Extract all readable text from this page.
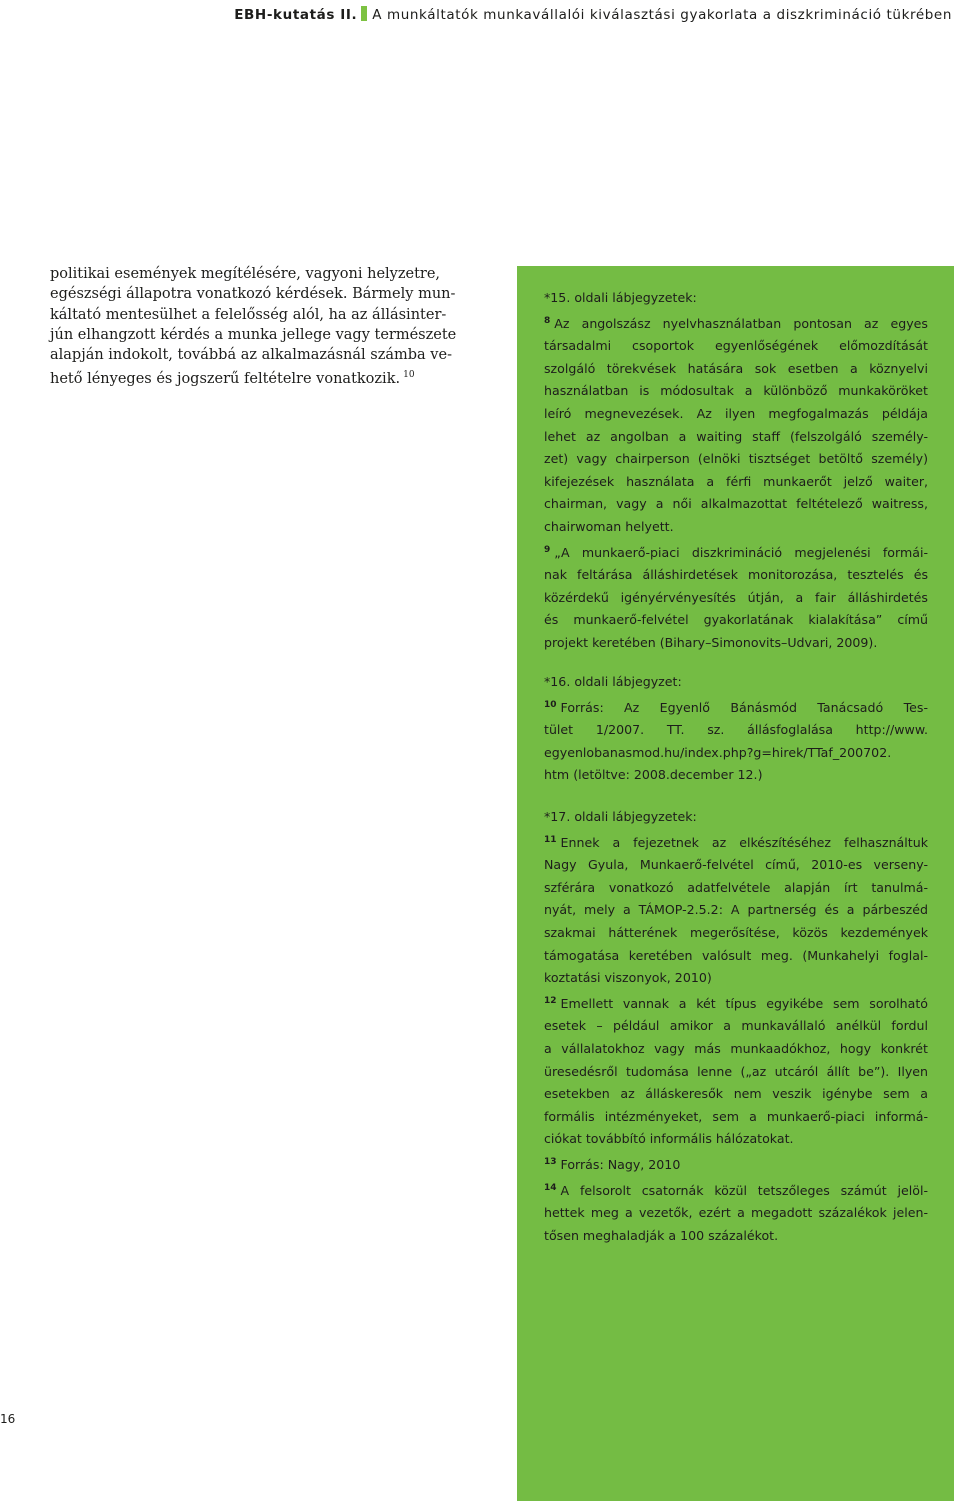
EBH-kutatás II. A munkáltatók munkavállalói kiválasztási gyakorlata a diszkrimináció tükrében
politikai események megítélésére, vagyoni helyzetre,
egészségi állapotra vonatkozó kérdések. Bármely mun-
káltató mentesülhet a felelősség alól, ha az állásinter-
jún elhangzott kérdés a munka jellege vagy természete
alapján indokolt, továbbá az alkalmazásnál számba ve-
hető lényeges és jogszerű feltételre vonatkozik. $^{10}$
*15. oldali lábjegyzetek:
$^8$ Az angolszász nyelvhasználatban pontosan az egyes
társadalmi csoportok egyenlőségének előmozdítását
szolgáló törekvések hatására sok esetben a köznyelvi
használatban is módosultak a különböző munkaköröket
leíró megnevezések. Az ilyen megfogalmazás példája
lehet az angolban a waiting staff (felszolgáló személy-
zet) vagy chairperson (elnöki tisztséget betöltő személy)
kifejezések használata a férfi munkaerőt jelző waiter,
chairman, vagy a női alkalmazottat feltételező waitress,
chairwoman helyett.
$^9$ „A munkaerő-piaci diszkrimináció megjelenési formái-
nak feltárása álláshirdetések monitorozása, tesztelés és
közérdekű igényérvényesítés útján, a fair álláshirdetés
és munkaerő-felvétel gyakorlatának kialakítása” című
projekt keretében (Bihary–Simonovits–Udvari, 2009).
*16. oldali lábjegyzet:
$^{10}$ Forrás: Az Egyenlő Bánásmód Tanácsadó Tes-
tület 1/2007. TT. sz. állásfoglalása http://www.
egyenlobanasmod.hu/index.php?g=hirek/TTaf_200702.
htm (letöltve: 2008.december 12.)
*17. oldali lábjegyzetek:
$^{11}$ Ennek a fejezetnek az elkészítéséhez felhasználtuk
Nagy Gyula, Munkaerő-felvétel című, 2010-es verseny-
szférára vonatkozó adatfelvétele alapján írt tanulmá-
nyát, mely a TÁMOP-2.5.2: A partnerség és a párbeszéd
szakmai hátterének megerősítése, közös kezdemények
támogatása keretében valósult meg. (Munkahelyi foglal-
koztatási viszonyok, 2010)
$^{12}$ Emellett vannak a két típus egyikébe sem sorolható
esetek – például amikor a munkavállaló anélkül fordul
a vállalatokhoz vagy más munkaadókhoz, hogy konkrét
üresedésről tudomása lenne („az utcáról állít be”). Ilyen
esetekben az álláskeresők nem veszik igénybe sem a
formális intézményeket, sem a munkaerő-piaci informá-
ciókat továbbító informális hálózatokat.
$^{13}$ Forrás: Nagy, 2010
$^{14}$ A felsorolt csatornák közül tetszőleges számút jelöl-
hettek meg a vezetők, ezért a megadott százalékok jelen-
tősen meghaladják a 100 százalékot.
16
